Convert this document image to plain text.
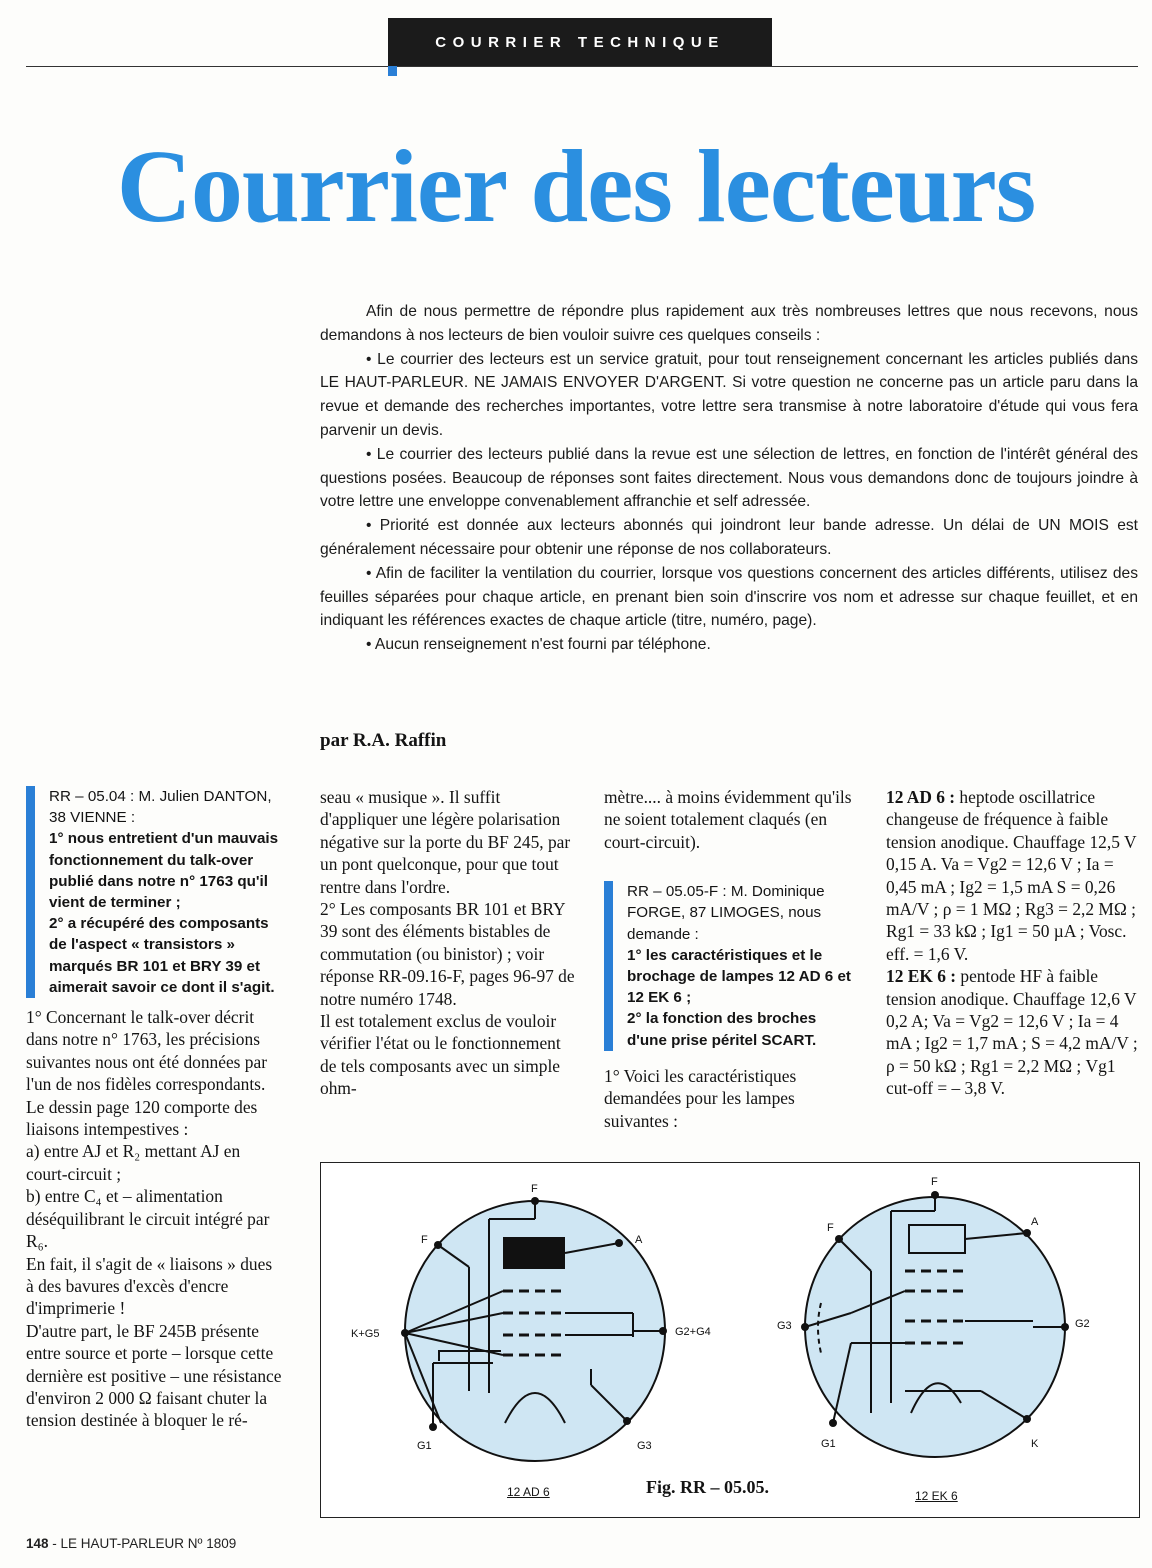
COURRIER TECHNIQUE
Courrier des lecteurs

Afin de nous permettre de répondre plus rapidement aux très nombreuses lettres que nous recevons, nous demandons à nos lecteurs de bien vouloir suivre ces quelques conseils :

• Le courrier des lecteurs est un service gratuit, pour tout renseignement concernant les articles publiés dans LE HAUT-PARLEUR. NE JAMAIS ENVOYER D'ARGENT. Si votre question ne concerne pas un article paru dans la revue et demande des recherches importantes, votre lettre sera transmise à notre laboratoire d'étude qui vous fera parvenir un devis.

• Le courrier des lecteurs publié dans la revue est une sélection de lettres, en fonction de l'intérêt général des questions posées. Beaucoup de réponses sont faites directement. Nous vous demandons donc de toujours joindre à votre lettre une enveloppe convenablement affranchie et self adressée.

• Priorité est donnée aux lecteurs abonnés qui joindront leur bande adresse. Un délai de UN MOIS est généralement nécessaire pour obtenir une réponse de nos collaborateurs.

• Afin de faciliter la ventilation du courrier, lorsque vos questions concernent des articles différents, utilisez des feuilles séparées pour chaque article, en prenant bien soin d'inscrire vos nom et adresse sur chaque feuillet, et en indiquant les références exactes de chaque article (titre, numéro, page).

• Aucun renseignement n'est fourni par téléphone.

par R.A. Raffin

RR – 05.04 : M. Julien DANTON, 38 VIENNE :

1° nous entretient d'un mauvais fonctionnement du talk-over publié dans notre n° 1763 qu'il vient de terminer ;

2° a récupéré des composants de l'aspect « transistors » marqués BR 101 et BRY 39 et aimerait savoir ce dont il s'agit.

1° Concernant le talk-over décrit dans notre n° 1763, les précisions suivantes nous ont été données par l'un de nos fidèles correspondants.

Le dessin page 120 comporte des liaisons intempestives :

a) entre AJ et R₂ mettant AJ en court-circuit ;

b) entre C₄ et – alimentation déséquilibrant le circuit intégré par R₆.

En fait, il s'agit de « liaisons » dues à des bavures d'excès d'encre d'imprimerie !

D'autre part, le BF 245B présente entre source et porte – lorsque cette dernière est positive – une résistance d'environ 2 000 Ω faisant chuter la tension destinée à bloquer le ré-

seau « musique ». Il suffit d'appliquer une légère polarisation négative sur la porte du BF 245, par un pont quelconque, pour que tout rentre dans l'ordre.

2° Les composants BR 101 et BRY 39 sont des éléments bistables de commutation (ou binistor) ; voir réponse RR-09.16-F, pages 96-97 de notre numéro 1748.

Il est totalement exclus de vouloir vérifier l'état ou le fonctionnement de tels composants avec un simple ohm-

mètre.... à moins évidemment qu'ils ne soient totalement claqués (en court-circuit).

RR – 05.05-F : M. Dominique FORGE, 87 LIMOGES, nous demande :

1° les caractéristiques et le brochage de lampes 12 AD 6 et 12 EK 6 ;

2° la fonction des broches d'une prise péritel SCART.

1° Voici les caractéristiques demandées pour les lampes suivantes :

12 AD 6 : heptode oscillatrice changeuse de fréquence à faible tension anodique. Chauffage 12,5 V 0,15 A. Va = Vg2 = 12,6 V ; Ia = 0,45 mA ; Ig2 = 1,5 mA S = 0,26 mA/V ; ρ = 1 MΩ ; Rg3 = 2,2 MΩ ; Rg1 = 33 kΩ ; Ig1 = 50 µA ; Vosc. eff. = 1,6 V.

12 EK 6 : pentode HF à faible tension anodique. Chauffage 12,6 V 0,2 A; Va = Vg2 = 12,6 V ; Ia = 4 mA ; Ig2 = 1,7 mA ; S = 4,2 mA/V ; ρ = 50 kΩ ; Rg1 = 2,2 MΩ ; Vg1 cut-off = – 3,8 V.

F
F	A
K+G5	G2+G4
G1	G3
F
F	A
G3	G2
G1	K
12 AD 6	12 EK 6
Fig. RR – 05.05.
148 - LE HAUT-PARLEUR Nº 1809
